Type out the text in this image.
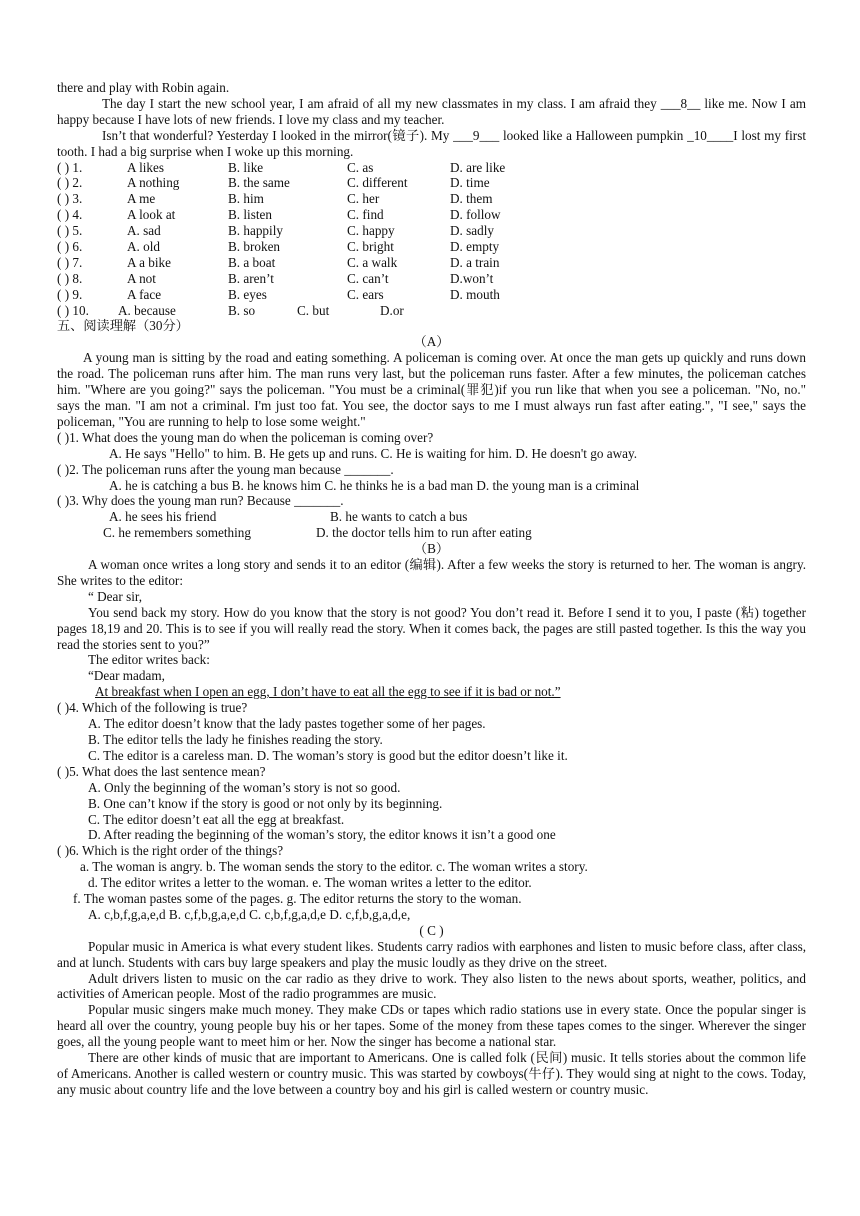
there and play with Robin again.

The day I start the new school year, I am afraid of all my new classmates in my class. I am afraid they ___8__ like me. Now I am happy because I have lots of new friends. I love my class and my teacher.

Isn’t that wonderful? Yesterday I looked in the mirror(镜子). My ___9___ looked like a Halloween pumpkin _10____I lost my first tooth. I had a big surprise when I woke up this morning.

( ) 1.	A likes	B. like	C. as	D. are like
( ) 2.	A nothing	B. the same	C. different	D. time
( ) 3.	A me	B. him	C. her	D. them
( ) 4.	A look at	B. listen	C. find	D. follow
( ) 5.	A. sad	B. happily	C. happy	D. sadly
( ) 6.	A. old	B. broken	C. bright	D. empty
( ) 7.	A a bike	B. a boat	C. a walk	D. a train
( ) 8.	A not	B. aren’t	C. can’t	D.won’t
( ) 9.	A face	B. eyes	C. ears	D. mouth
( ) 10. A. because	B. so	C. but	D.or

五、阅读理解（30分）

（A）

A young man is sitting by the road and eating something. A policeman is coming over. At once the man gets up quickly and runs down the road. The policeman runs after him. The man runs very last, but the policeman runs faster. After a few minutes, the policeman catches him. "Where are you going?" says the policeman. "You must be a criminal(罪犯)if you run like that when you see a policeman. "No, no." says the man. "I am not a criminal. I'm just too fat. You see, the doctor says to me I must always run fast after eating.", "I see," says the policeman, "You are running to help to lose some weight."

( )1. What does the young man do when the policeman is coming over?

A. He says "Hello" to him. B. He gets up and runs. C. He is waiting for him. D. He doesn't go away.

( )2. The policeman runs after the young man because _______.

A. he is catching a bus B. he knows him C. he thinks he is a bad man D. the young man is a criminal

( )3. Why does the young man run? Because _______.

A. he sees his friend	B. he wants to catch a bus
C. he remembers something	D. the doctor tells him to run after eating

（B）

A woman once writes a long story and sends it to an editor (编辑). After a few weeks the story is returned to her. The woman is angry. She writes to the editor:

“ Dear sir,

You send back my story. How do you know that the story is not good? You don’t read it. Before I send it to you, I paste (粘) together pages 18,19 and 20. This is to see if you will really read the story. When it comes back, the pages are still pasted together. Is this the way you read the stories sent to you?”

The editor writes back:

“Dear madam,

At breakfast when I open an egg, I don’t have to eat all the egg to see if it is bad or not.”

( )4. Which of the following is true?

A. The editor doesn’t know that the lady pastes together some of her pages.

B. The editor tells the lady he finishes reading the story.

C. The editor is a careless man. D. The woman’s story is good but the editor doesn’t like it.

( )5. What does the last sentence mean?

A. Only the beginning of the woman’s story is not so good.

B. One can’t know if the story is good or not only by its beginning.

C. The editor doesn’t eat all the egg at breakfast.

D. After reading the beginning of the woman’s story, the editor knows it isn’t a good one

( )6. Which is the right order of the things?

a. The woman is angry. b. The woman sends the story to the editor. c. The woman writes a story.

d. The editor writes a letter to the woman. e. The woman writes a letter to the editor.

f. The woman pastes some of the pages. g. The editor returns the story to the woman.

A. c,b,f,g,a,e,d B. c,f,b,g,a,e,d C. c,b,f,g,a,d,e D. c,f,b,g,a,d,e,

( C )

Popular music in America is what every student likes. Students carry radios with earphones and listen to music before class, after class, and at lunch. Students with cars buy large speakers and play the music loudly as they drive on the street.

Adult drivers listen to music on the car radio as they drive to work. They also listen to the news about sports, weather, politics, and activities of American people. Most of the radio programmes are music.

Popular music singers make much money. They make CDs or tapes which radio stations use in every state. Once the popular singer is heard all over the country, young people buy his or her tapes. Some of the money from these tapes comes to the singer. Wherever the singer goes, all the young people want to meet him or her. Now the singer has become a national star.

There are other kinds of music that are important to Americans. One is called folk (民间) music. It tells stories about the common life of Americans. Another is called western or country music. This was started by cowboys(牛仔). They would sing at night to the cows. Today, any music about country life and the love between a country boy and his girl is called western or country music.
